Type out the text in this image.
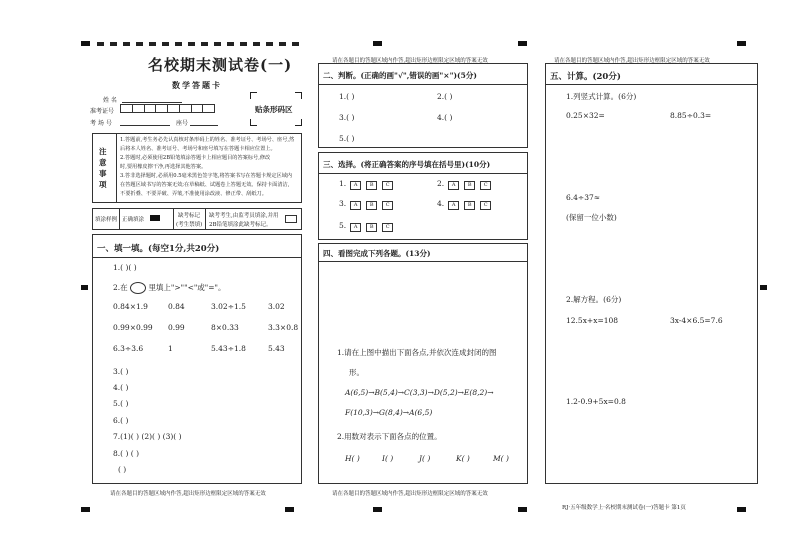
名校期末测试卷(一)
数学答题卡
姓 名
准考证号
考 场 号	座号
贴条形码区
注意事项
1.答题前,考生务必先认真核对条形码上的姓名、准考证号、考场号、座号,然
后将本人姓名、准考证号、考场号和座号填写在答题卡相应位置上。
2.答题时,必须使用2B铅笔填涂答题卡上相应题目的答案标号,修改
时,要用橡皮擦干净,再选择其他答案。
3.答非选择题时,必须用0.5毫米黑色签字笔,将答案书写在答题卡规定区域内
在答题区域书写的答案无效;在草稿纸、试题卷上答题无效。保持卡面清洁,
不要折叠、不要弄破、弄皱,不准使用涂改液、修正带、刮纸刀。
填涂样例 正确填涂
缺考标记
(考生禁填)
缺考考生,由监考员填涂,并用
2B铅笔填涂此缺考标记。
一、填一填。(每空1分,共20分)
1.( )( )
2.在	里填上">""<"或"="。
0.84×1.9	0.84	3.02÷1.5	3.02
0.99×0.99 0.99	8×0.33	3.3×0.8
6.3÷3.6	1	5.43÷1.8	5.43
3.( )
4.( )
5.( )
6.( )
7.(1)( ) (2)( ) (3)( )
8.( ) ( )
( )
请在各题目的答题区域内作答,超出矩形边框限定区域的答案无效
请在各题目的答题区域内作答,超出矩形边框限定区域的答案无效
二、判断。(正确的画"√",错误的画"×")(5分)
1.( )	2.( )
3.( )	4.( )
5.( )
三、选择。(将正确答案的序号填在括号里)(10分)
1. A B C	2. A B C
3. A B C	4. A B C
5. A B C
四、看图完成下列各题。(13分)
1.请在上图中描出下面各点,并依次连成封闭的图
形。
A(6,5)→B(5,4)→C(3,3)→D(5,2)→E(8,2)→
F(10,3)→G(8,4)→A(6,5)
2.用数对表示下面各点的位置。
H( )	I( )	J( )	K( )	M( )
请在各题目的答题区域内作答,超出矩形边框限定区域的答案无效
请在各题目的答题区域内作答,超出矩形边框限定区域的答案无效
五、计算。(20分)
1.列竖式计算。(6分)
0.25×32=	8.85÷0.3=
6.4÷37≈
(保留一位小数)
2.解方程。(6分)
12.5x+x=108	3x-4×6.5=7.6
1.2-0.9+5x=0.8
RJ·五年级数学上·名校期末测试卷(一)答题卡 第1页
